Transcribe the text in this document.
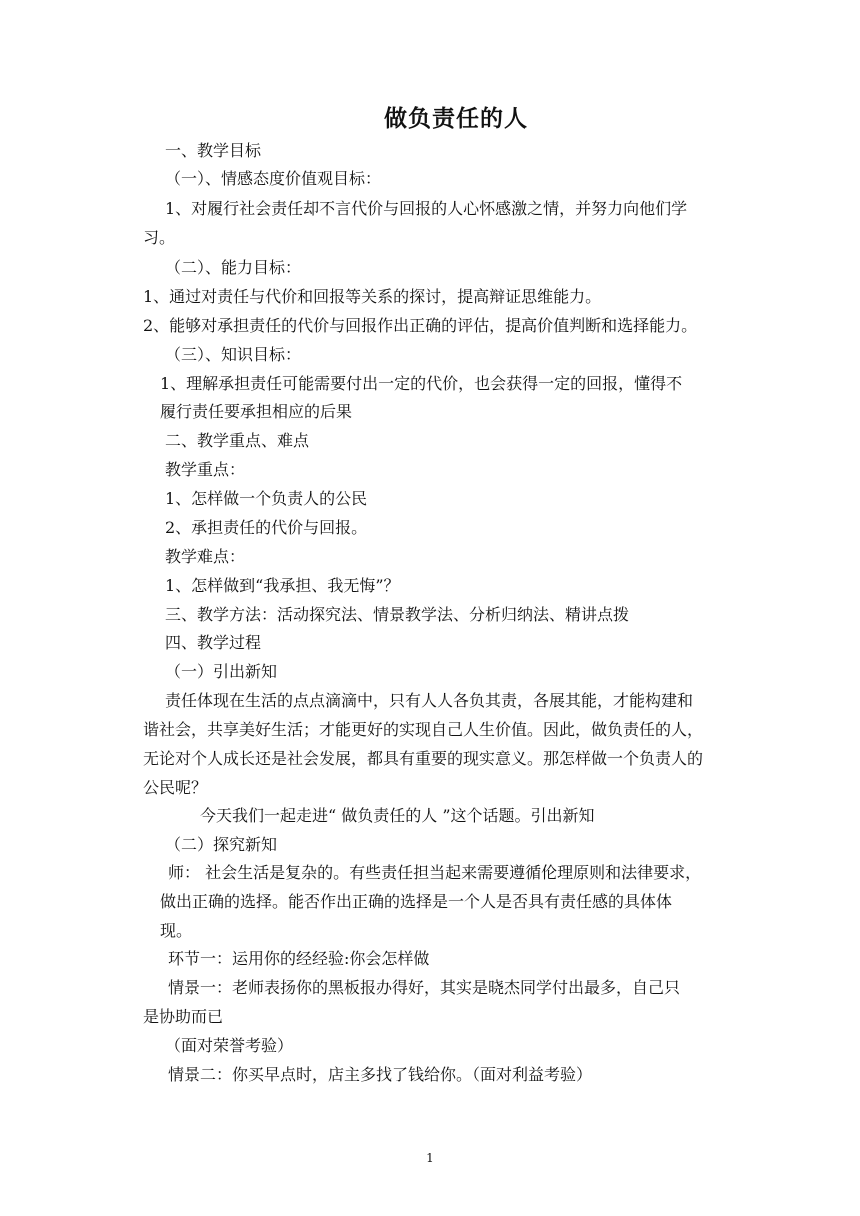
做负责任的人
一、教学目标
（一）、情感态度价值观目标：
1、对履行社会责任却不言代价与回报的人心怀感激之情，并努力向他们学
习。
（二）、能力目标：
1、通过对责任与代价和回报等关系的探讨，提高辩证思维能力。
2、能够对承担责任的代价与回报作出正确的评估，提高价值判断和选择能力。
（三）、知识目标：
1、理解承担责任可能需要付出一定的代价，也会获得一定的回报，懂得不
履行责任要承担相应的后果
二、教学重点、难点
教学重点：
1、怎样做一个负责人的公民
2、承担责任的代价与回报。
教学难点：
1、怎样做到“我承担、我无悔”？
三、教学方法：活动探究法、情景教学法、分析归纳法、精讲点拨
四、教学过程
（一）引出新知
责任体现在生活的点点滴滴中，只有人人各负其责，各展其能，才能构建和
谐社会，共享美好生活；才能更好的实现自己人生价值。因此，做负责任的人，
无论对个人成长还是社会发展，都具有重要的现实意义。那怎样做一个负责人的
公民呢？
今天我们一起走进“ 做负责任的人 ”这个话题。引出新知
（二）探究新知
师： 社会生活是复杂的。有些责任担当起来需要遵循伦理原则和法律要求，
做出正确的选择。能否作出正确的选择是一个人是否具有责任感的具体体
现。
环节一：运用你的经经验:你会怎样做
情景一：老师表扬你的黑板报办得好，其实是晓杰同学付出最多，自己只
是协助而已
（面对荣誉考验）
情景二：你买早点时，店主多找了钱给你。（面对利益考验）
1
